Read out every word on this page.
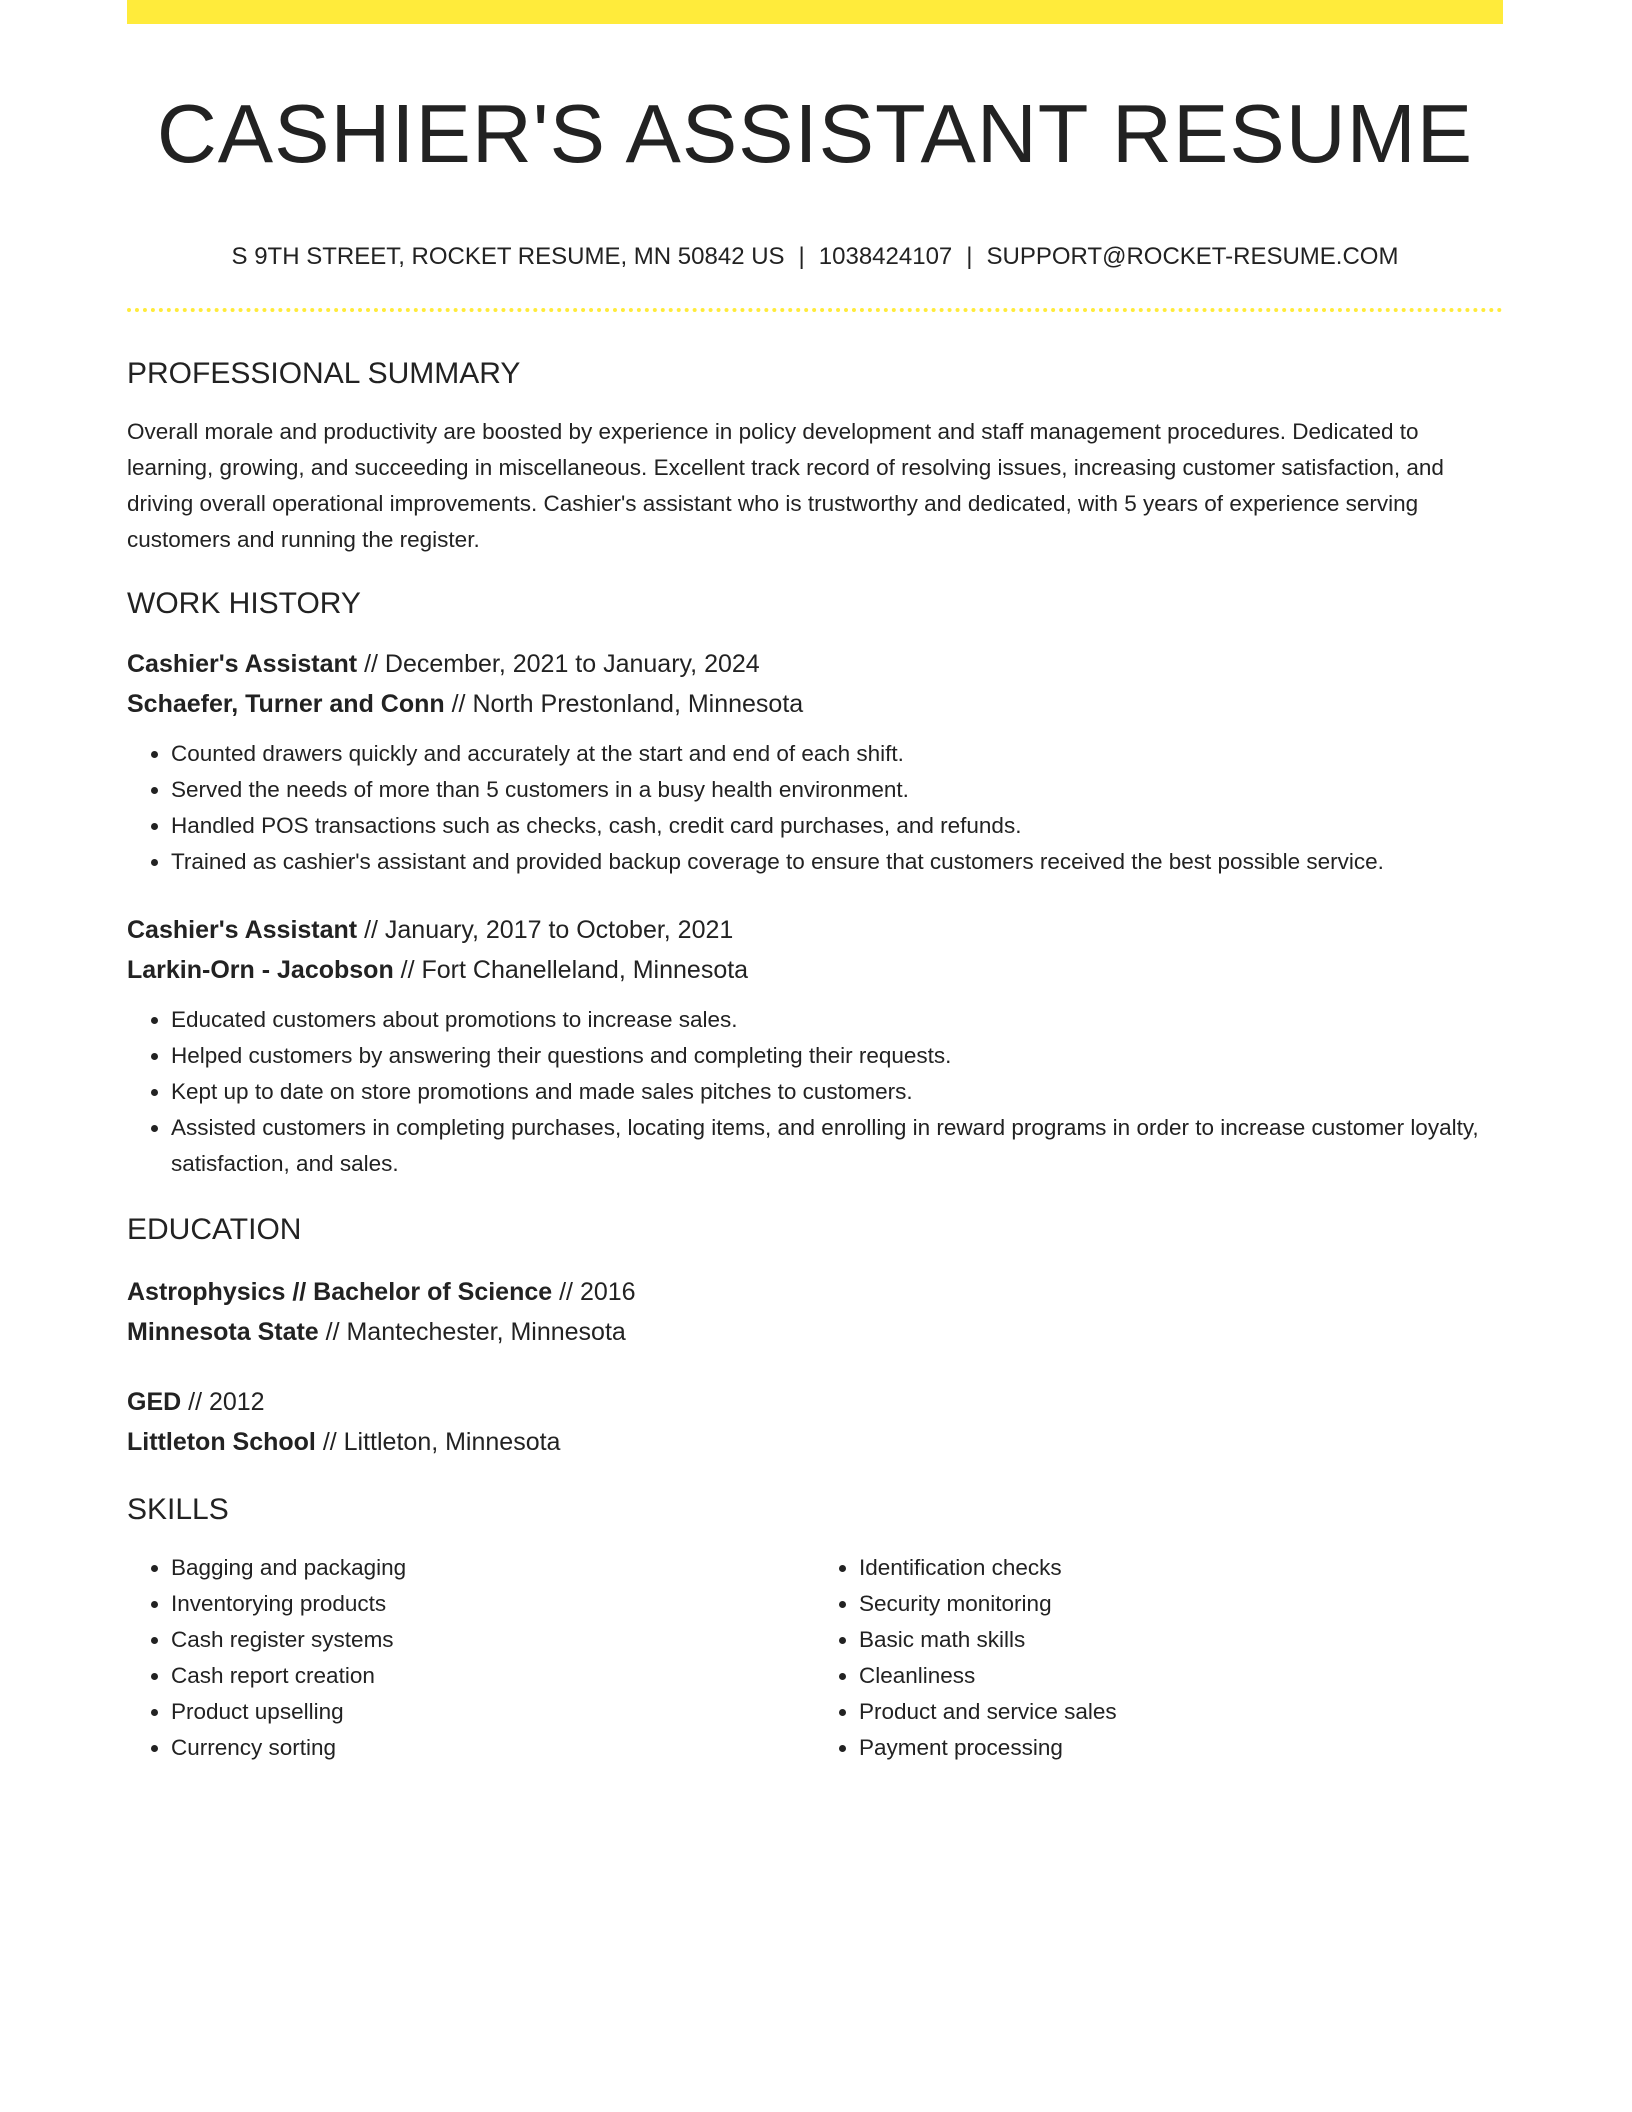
CASHIER'S ASSISTANT RESUME
S 9TH STREET, ROCKET RESUME, MN 50842 US | 1038424107 | SUPPORT@ROCKET-RESUME.COM
PROFESSIONAL SUMMARY
Overall morale and productivity are boosted by experience in policy development and staff management procedures. Dedicated to learning, growing, and succeeding in miscellaneous. Excellent track record of resolving issues, increasing customer satisfaction, and driving overall operational improvements. Cashier's assistant who is trustworthy and dedicated, with 5 years of experience serving customers and running the register.
WORK HISTORY
Cashier's Assistant // December, 2021 to January, 2024
Schaefer, Turner and Conn // North Prestonland, Minnesota
• Counted drawers quickly and accurately at the start and end of each shift.
• Served the needs of more than 5 customers in a busy health environment.
• Handled POS transactions such as checks, cash, credit card purchases, and refunds.
• Trained as cashier's assistant and provided backup coverage to ensure that customers received the best possible service.
Cashier's Assistant // January, 2017 to October, 2021
Larkin-Orn - Jacobson // Fort Chanelleland, Minnesota
• Educated customers about promotions to increase sales.
• Helped customers by answering their questions and completing their requests.
• Kept up to date on store promotions and made sales pitches to customers.
• Assisted customers in completing purchases, locating items, and enrolling in reward programs in order to increase customer loyalty, satisfaction, and sales.
EDUCATION
Astrophysics // Bachelor of Science // 2016
Minnesota State // Mantechester, Minnesota
GED // 2012
Littleton School // Littleton, Minnesota
SKILLS
• Bagging and packaging
• Inventorying products
• Cash register systems
• Cash report creation
• Product upselling
• Currency sorting
• Identification checks
• Security monitoring
• Basic math skills
• Cleanliness
• Product and service sales
• Payment processing
